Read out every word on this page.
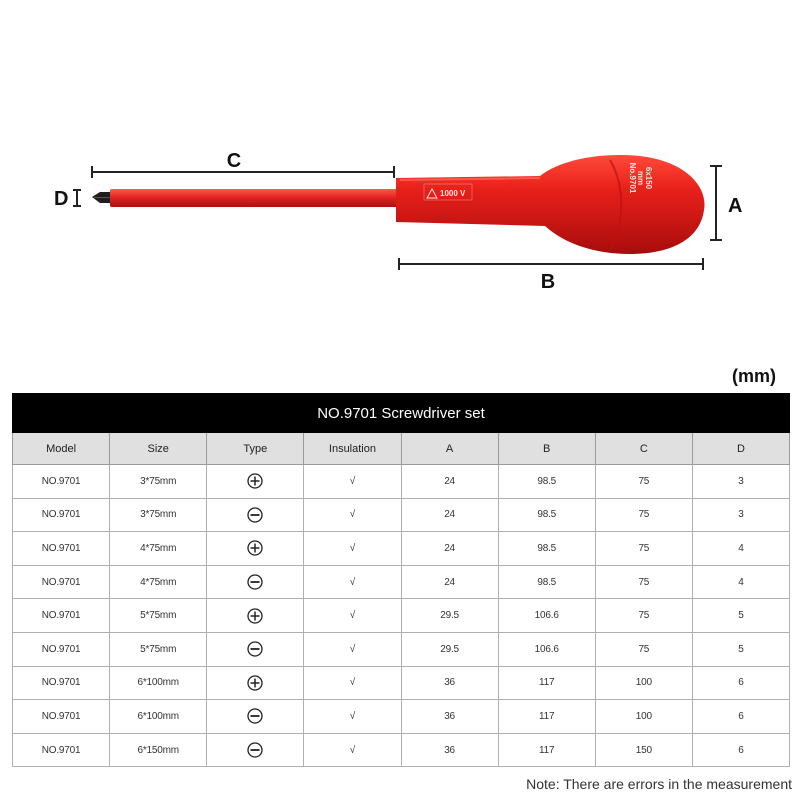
C
D	1000 V
6x150
mm
No.9701
A
B
(mm)
NO.9701 Screwdriver set							
Model	Size	Type	Insulation	A	B	C	D
NO.9701	3*75mm		√	24	98.5	75	3
NO.9701	3*75mm		√	24	98.5	75	3
NO.9701	4*75mm		√	24	98.5	75	4
NO.9701	4*75mm		√	24	98.5	75	4
NO.9701	5*75mm		√	29.5	106.6	75	5
NO.9701	5*75mm		√	29.5	106.6	75	5
NO.9701	6*100mm		√	36	117	100	6
NO.9701	6*100mm		√	36	117	100	6
NO.9701	6*150mm		√	36	117	150	6
Note: There are errors in the measurement
